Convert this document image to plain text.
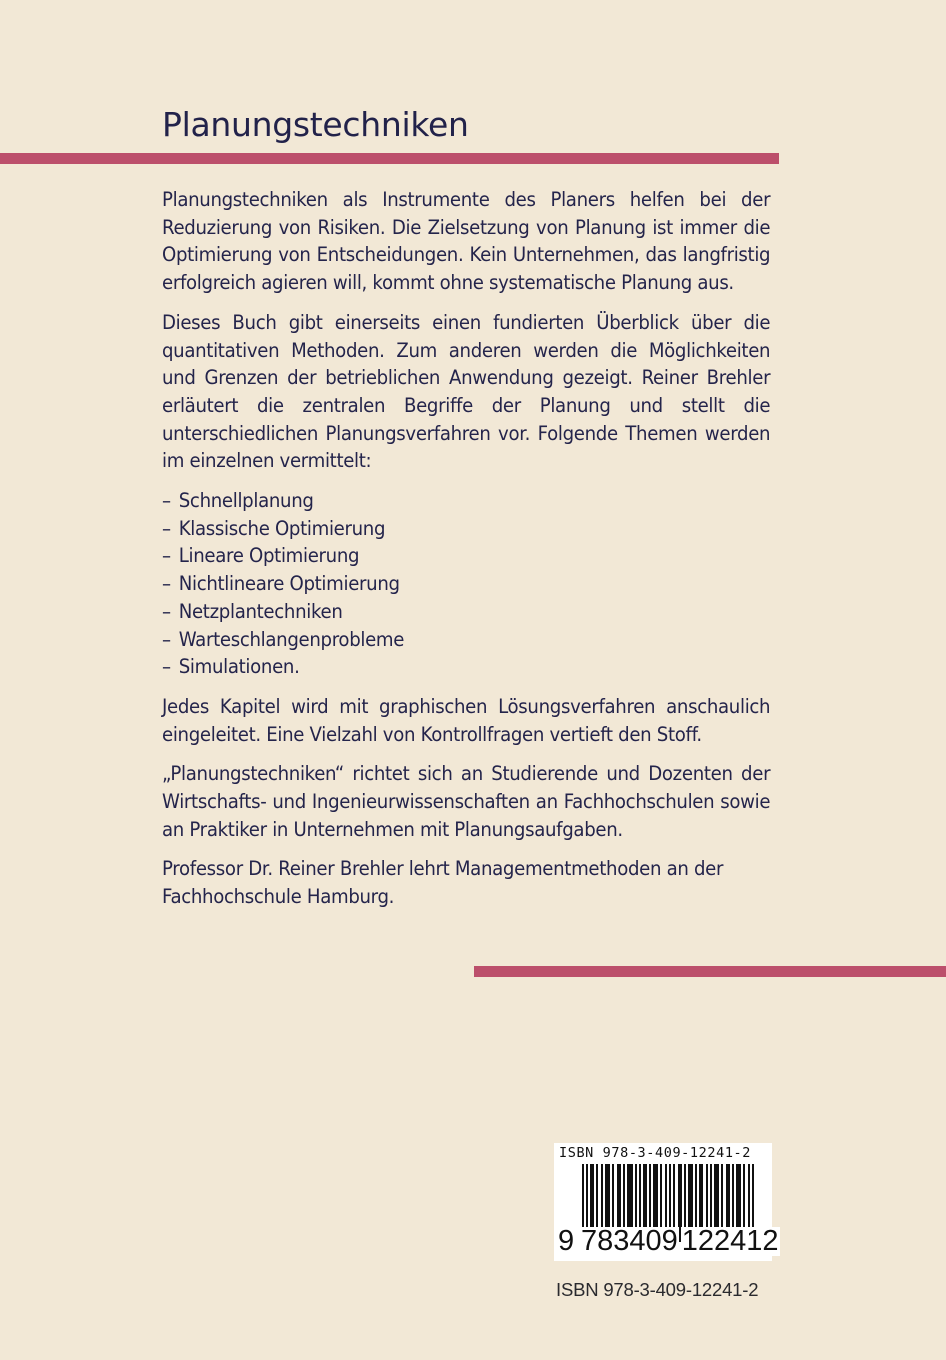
Planungstechniken

Planungstechniken als Instrumente des Planers helfen bei der Reduzierung von Risiken. Die Zielsetzung von Planung ist immer die Optimierung von Entscheidungen. Kein Unternehmen, das langfristig erfolgreich agieren will, kommt ohne systematische Planung aus.

Dieses Buch gibt einerseits einen fundierten Überblick über die quantitativen Methoden. Zum anderen werden die Möglichkeiten und Grenzen der betrieblichen Anwendung gezeigt. Reiner Brehler erläutert die zentralen Begriffe der Planung und stellt die unterschiedlichen Planungsverfahren vor. Folgende Themen werden im einzelnen vermittelt:

– Schnellplanung
– Klassische Optimierung
– Lineare Optimierung
– Nichtlineare Optimierung
– Netzplantechniken
– Warteschlangenprobleme
– Simulationen.

Jedes Kapitel wird mit graphischen Lösungsverfahren anschaulich eingeleitet. Eine Vielzahl von Kontrollfragen vertieft den Stoff.

„Planungstechniken“ richtet sich an Studierende und Dozenten der Wirtschafts- und Ingenieurwissenschaften an Fachhochschulen sowie an Praktiker in Unternehmen mit Planungsaufgaben.

Professor Dr. Reiner Brehler lehrt Managementmethoden an der Fachhochschule Hamburg.

ISBN 978-3-409-12241-2
9 783409 122412
ISBN 978-3-409-12241-2
